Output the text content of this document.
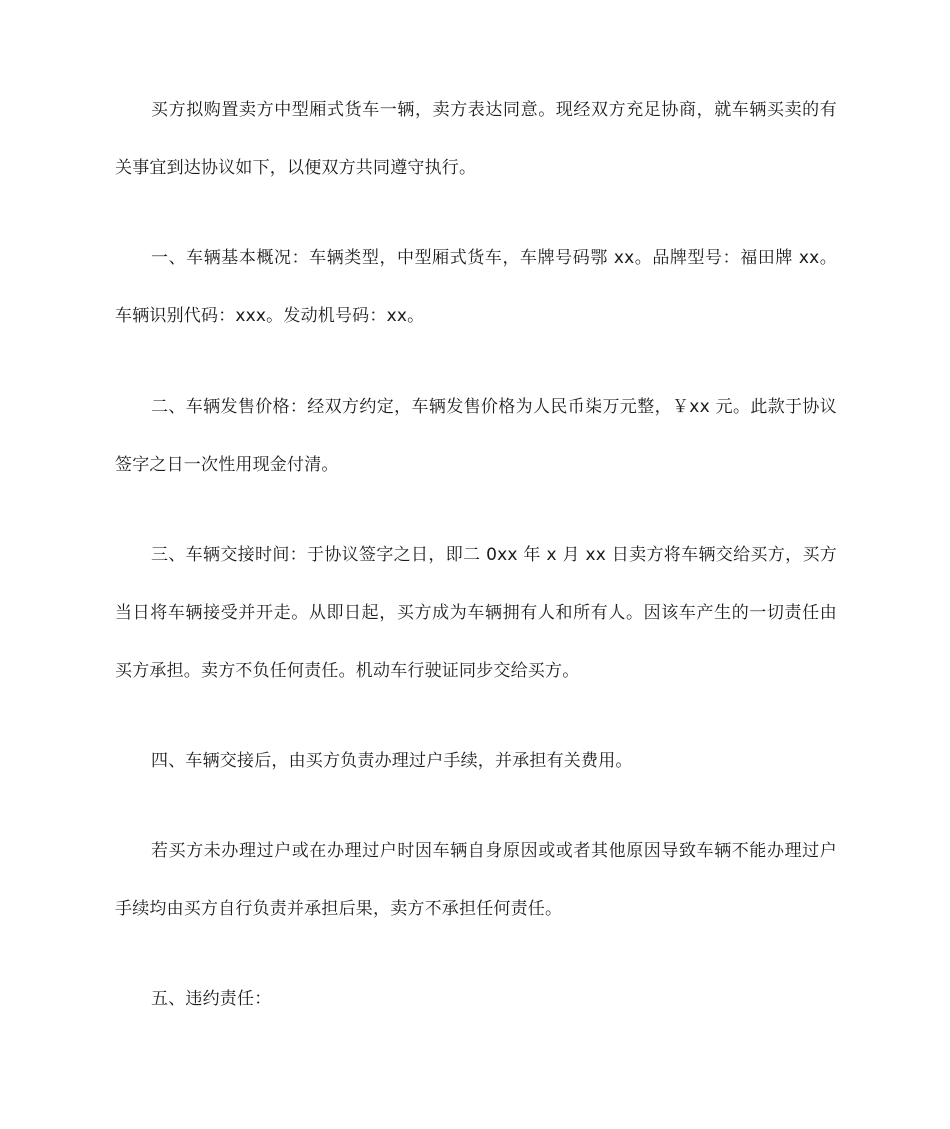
买方拟购置卖方中型厢式货车一辆，卖方表达同意。现经双方充足协商，就车辆买卖的有关事宜到达协议如下，以便双方共同遵守执行。

一、车辆基本概况：车辆类型，中型厢式货车，车牌号码鄂 xx。品牌型号：福田牌 xx。车辆识别代码：xxx。发动机号码：xx。

二、车辆发售价格：经双方约定，车辆发售价格为人民币柒万元整，￥xx 元。此款于协议签字之日一次性用现金付清。

三、车辆交接时间：于协议签字之日，即二 0xx 年 x 月 xx 日卖方将车辆交给买方，买方当日将车辆接受并开走。从即日起，买方成为车辆拥有人和所有人。因该车产生的一切责任由买方承担。卖方不负任何责任。机动车行驶证同步交给买方。

四、车辆交接后，由买方负责办理过户手续，并承担有关费用。

若买方未办理过户或在办理过户时因车辆自身原因或或者其他原因导致车辆不能办理过户手续均由买方自行负责并承担后果，卖方不承担任何责任。

五、违约责任：
